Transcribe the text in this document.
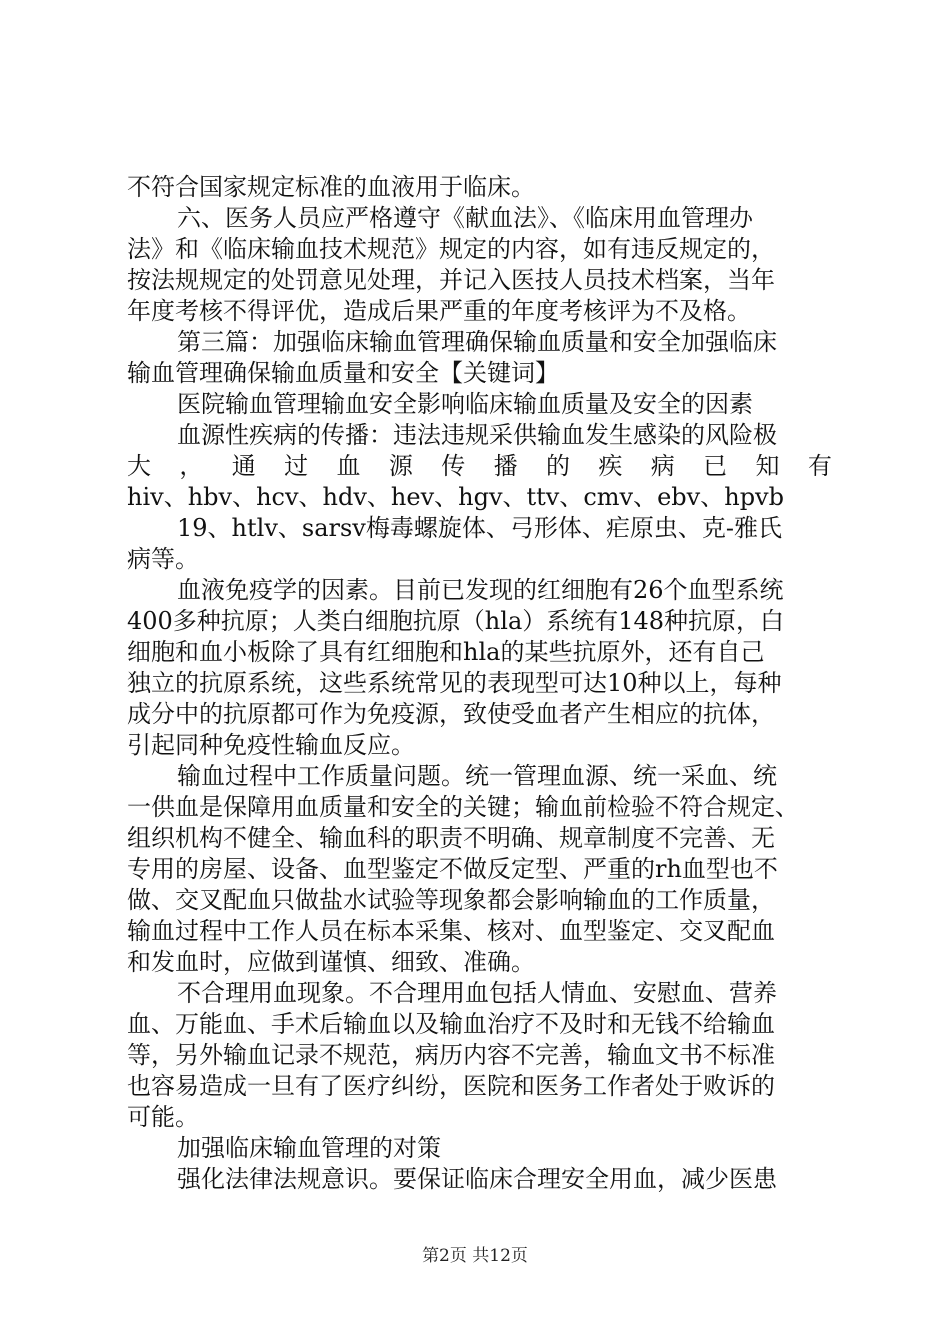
不符合国家规定标准的血液用于临床。
六、医务人员应严格遵守《献血法》、《临床用血管理办
法》和《临床输血技术规范》规定的内容，如有违反规定的，
按法规规定的处罚意见处理，并记入医技人员技术档案，当年
年度考核不得评优，造成后果严重的年度考核评为不及格。
第三篇：加强临床输血管理确保输血质量和安全加强临床
输血管理确保输血质量和安全【关键词】
医院输血管理输血安全影响临床输血质量及安全的因素
血源性疾病的传播：违法违规采供输血发生感染的风险极
大 ， 通 过 血 源 传 播 的 疾 病 已 知 有
hiv、hbv、hcv、hdv、hev、hgv、ttv、cmv、ebv、hpvb
19、htlv、sarsv梅毒螺旋体、弓形体、疟原虫、克-雅氏
病等。
血液免疫学的因素。目前已发现的红细胞有26个血型系统
400多种抗原；人类白细胞抗原（hla）系统有148种抗原，白
细胞和血小板除了具有红细胞和hla的某些抗原外，还有自己
独立的抗原系统，这些系统常见的表现型可达10种以上，每种
成分中的抗原都可作为免疫源，致使受血者产生相应的抗体，
引起同种免疫性输血反应。
输血过程中工作质量问题。统一管理血源、统一采血、统
一供血是保障用血质量和安全的关键；输血前检验不符合规定、
组织机构不健全、输血科的职责不明确、规章制度不完善、无
专用的房屋、设备、血型鉴定不做反定型、严重的rh血型也不
做、交叉配血只做盐水试验等现象都会影响输血的工作质量，
输血过程中工作人员在标本采集、核对、血型鉴定、交叉配血
和发血时，应做到谨慎、细致、准确。
不合理用血现象。不合理用血包括人情血、安慰血、营养
血、万能血、手术后输血以及输血治疗不及时和无钱不给输血
等，另外输血记录不规范，病历内容不完善，输血文书不标准
也容易造成一旦有了医疗纠纷，医院和医务工作者处于败诉的
可能。
加强临床输血管理的对策
强化法律法规意识。要保证临床合理安全用血，减少医患
第2页 共12页
